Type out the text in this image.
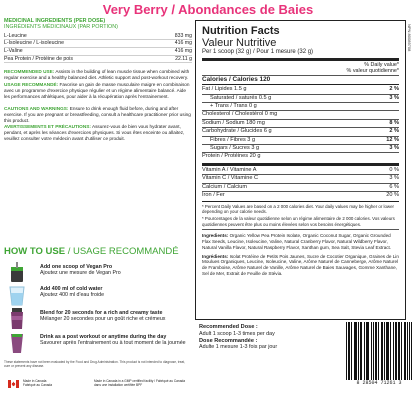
Very Berry / Abondances de Baies
MEDICINAL INGREDIENTS (PER DOSE)
INGRÉDIENTS MÉDICINAUX (PAR PORTION)
L-Leucine	833 mg
L-Isoleucine / L-isoleucine	416 mg
L-Valine	416 mg
Pea Protein / Protéine de pois	22.11 g
RECOMMENDED USE: Assists in the building of lean muscle tissue when combined with regular exercise and a healthy balanced diet. Athletic support and post-workout recovery.
USAGE RECOMMANDÉ: Favorise un gain de masse musculaire maigre en combinaison avec un programme d'exercice physique régulier et un régime alimentaire balancé. Aide les performances athlétiques, pour aider à la récupération après l'entrainement.
CAUTIONS AND WARNINGS: Ensure to drink enough fluid before, during and after exercise. If you are pregnant or breastfeeding, consult a healthcare practitioner prior using this product.
AVERTISSEMENTS ET PRÉCAUTIONS: Assurez-vous de bien vous hydrater avant, pendant, et après les séances d'exercices physiques. Si vous êtes enceinte ou allaitez, veuillez consulter votre médecin avant d'utiliser ce produit.
HOW TO USE / USAGE RECOMMANDÉ
Add one scoop of Vegan Pro
Ajoutez une mesure de Vegan Pro
Add 400 ml of cold water
Ajoutez 400 ml d'eau froide
Blend for 20 seconds for a rich and creamy taste
Mélanger 20 secondes pour un goût riche et crémeux
Drink as a post workout or anytime during the day
Savourer après l'entrainement ou à tout moment de la journée
These statements have not been evaluated by the Food and Drug Administration. This product is not intended to diagnose, treat, cure or prevent any disease.
Made in Canada
Fabriqué au Canada
Made in Canada in a GMP certified facility / Fabriqué au Canada dans une installation certifiée BPF
Nutrition Facts
Valeur Nutritive
Per 1 scoop (32 g) / Pour 1 mesure (32 g)
% Daily value*
% valeur quotidienne*
Calories / Calories 120
Fat / Lipides 1.5 g	2 %
Saturated / saturés 0.5 g	3 %
+ Trans / Trans 0 g
Cholesterol / Cholestérol 0 mg
Sodium / Sodium 180 mg	8 %
Carbohydrate / Glucides 6 g	2 %
Fibres / Fibres 3 g	12 %
Sugars / Sucres 3 g	3 %
Protein / Protéines 20 g
Vitamin A / Vitamine A	0 %
Vitamin C / Vitamine C	3 %
Calcium / Calcium	6 %
Iron / Fer	20 %
* Percent Daily Values are based on a 2 000 calories diet. Your daily values may be higher or lower depending on your calorie needs.
* Pourcentages de la valeur quotidienne selon un régime alimentaire de 2 000 calories. Vos valeurs quotidiennes peuvent être plus ou moins élevées selon vos besoins énergétiques.
Ingredients: Organic Yellow Pea Protein Isolate, Organic Coconut Sugar, Organic Grounded Flax Seeds, Leucine, Isoleucine, Valine, Natural Cranberry Flavor, Natural Wildberry Flavor, Natural Vanilla Flavor, Natural Raspberry Flavor, Xanthan gum, Sea Salt, Stevia Leaf Extract.
Ingrédients: Isolat Protéine de Petits Pois Jaunes, Sucre de Cocotier Organique, Graines de Lin Moulues Organiques, Leucine, Isoleucine, Valine, Arôme Naturel de Canneberge, Arôme Naturel de Framboise, Arôme Naturel de Vanille, Arôme Naturel de Baies Sauvages, Gomme Xanthane, Sel de Mer, Extrait de Feuille de Stévia.
NPN 80089708
Recommended Dose :
Adult 1 scoop 1-3 times per day
Dose Recommandée :
Adulte 1 mesure 1-3 fois par jour
8 28504 71261 3
